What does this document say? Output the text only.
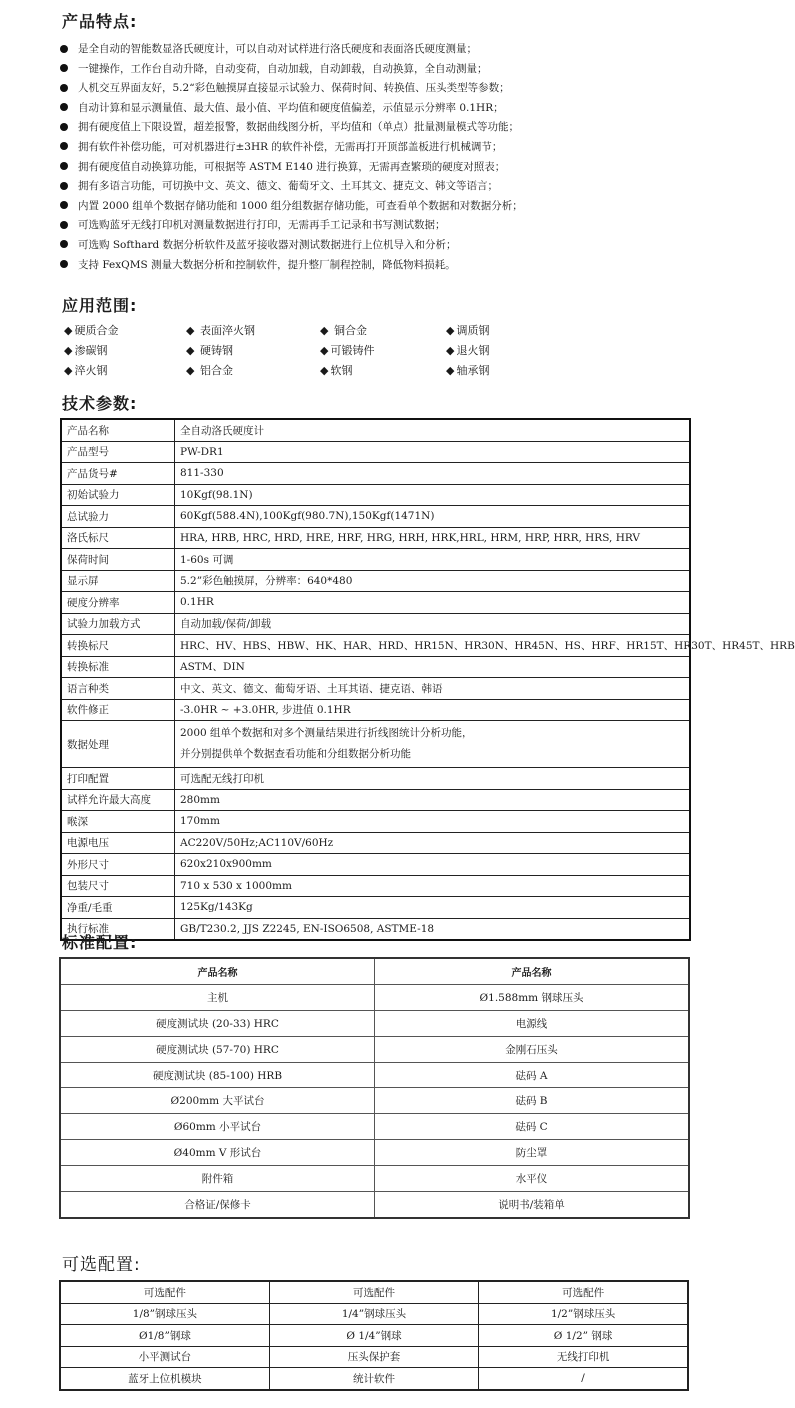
产品特点:
是全自动的智能数显洛氏硬度计，可以自动对试样进行洛氏硬度和表面洛氏硬度测量；
一键操作，工作台自动升降，自动变荷，自动加载，自动卸载，自动换算，全自动测量；
人机交互界面友好，5.2“彩色触摸屏直接显示试验力、保荷时间、转换值、压头类型等参数；
自动计算和显示测量值、最大值、最小值、平均值和硬度值偏差，示值显示分辨率 0.1HR；
拥有硬度值上下限设置，超差报警，数据曲线图分析，平均值和（单点）批量测量模式等功能；
拥有软件补偿功能，可对机器进行±3HR 的软件补偿，无需再打开顶部盖板进行机械调节；
拥有硬度值自动换算功能，可根据等 ASTM E140 进行换算，无需再查繁琐的硬度对照表；
拥有多语言功能，可切换中文、英文、德文、葡萄牙文、土耳其文、捷克文、韩文等语言；
内置 2000 组单个数据存储功能和 1000 组分组数据存储功能，可查看单个数据和对数据分析；
可选购蓝牙无线打印机对测量数据进行打印，无需再手工记录和书写测试数据；
可选购 Softhard 数据分析软件及蓝牙接收器对测试数据进行上位机导入和分析；
支持 FexQMS 测量大数据分析和控制软件，提升整厂制程控制，降低物料损耗。
应用范围:
◆ 硬质合金	◆ 表面淬火钢	◆ 铜合金	◆ 调质钢
◆ 渗碳钢	◆ 硬铸钢	◆ 可锻铸件	◆ 退火钢
◆ 淬火钢	◆ 铝合金	◆ 软钢	◆ 轴承钢
技术参数:
产品名称	全自动洛氏硬度计
产品型号	PW-DR1
产品货号#	811-330
初始试验力	10Kgf(98.1N)
总试验力	60Kgf(588.4N),100Kgf(980.7N),150Kgf(1471N)
洛氏标尺	HRA, HRB, HRC, HRD, HRE, HRF, HRG, HRH, HRK,HRL, HRM, HRP, HRR, HRS, HRV
保荷时间	1-60s 可调
显示屏	5.2”彩色触摸屏，分辨率：640*480
硬度分辨率	0.1HR
试验力加载方式	自动加载/保荷/卸载
转换标尺	HRC、HV、HBS、HBW、HK、HAR、HRD、HR15N、HR30N、HR45N、HS、HRF、HR15T、HR30T、HR45T、HRB
转换标准	ASTM、DIN
语言种类	中文、英文、德文、葡萄牙语、土耳其语、捷克语、韩语
软件修正	-3.0HR ~ +3.0HR, 步进值 0.1HR
数据处理	2000 组单个数据和对多个测量结果进行折线图统计分析功能，
并分别提供单个数据查看功能和分组数据分析功能

打印配置	可选配无线打印机
试样允许最大高度	280mm
喉深	170mm
电源电压	AC220V/50Hz;AC110V/60Hz
外形尺寸	620x210x900mm
包装尺寸	710 x 530 x 1000mm
净重/毛重	125Kg/143Kg
执行标准	GB/T230.2, JJS Z2245, EN-ISO6508, ASTME-18
标准配置:
产品名称	产品名称
主机	Ø1.588mm 钢球压头
硬度测试块 (20-33) HRC	电源线
硬度测试块 (57-70) HRC	金刚石压头
硬度测试块 (85-100) HRB	砝码 A
Ø200mm 大平试台	砝码 B
Ø60mm 小平试台	砝码 C
Ø40mm V 形试台	防尘罩
附件箱	水平仪
合格证/保修卡	说明书/装箱单
可选配置:
可选配件	可选配件	可选配件
1/8”钢球压头	1/4”钢球压头	1/2”钢球压头
Ø1/8”钢球	Ø 1/4”钢球	Ø 1/2” 钢球
小平测试台	压头保护套	无线打印机
蓝牙上位机模块	统计软件	/
